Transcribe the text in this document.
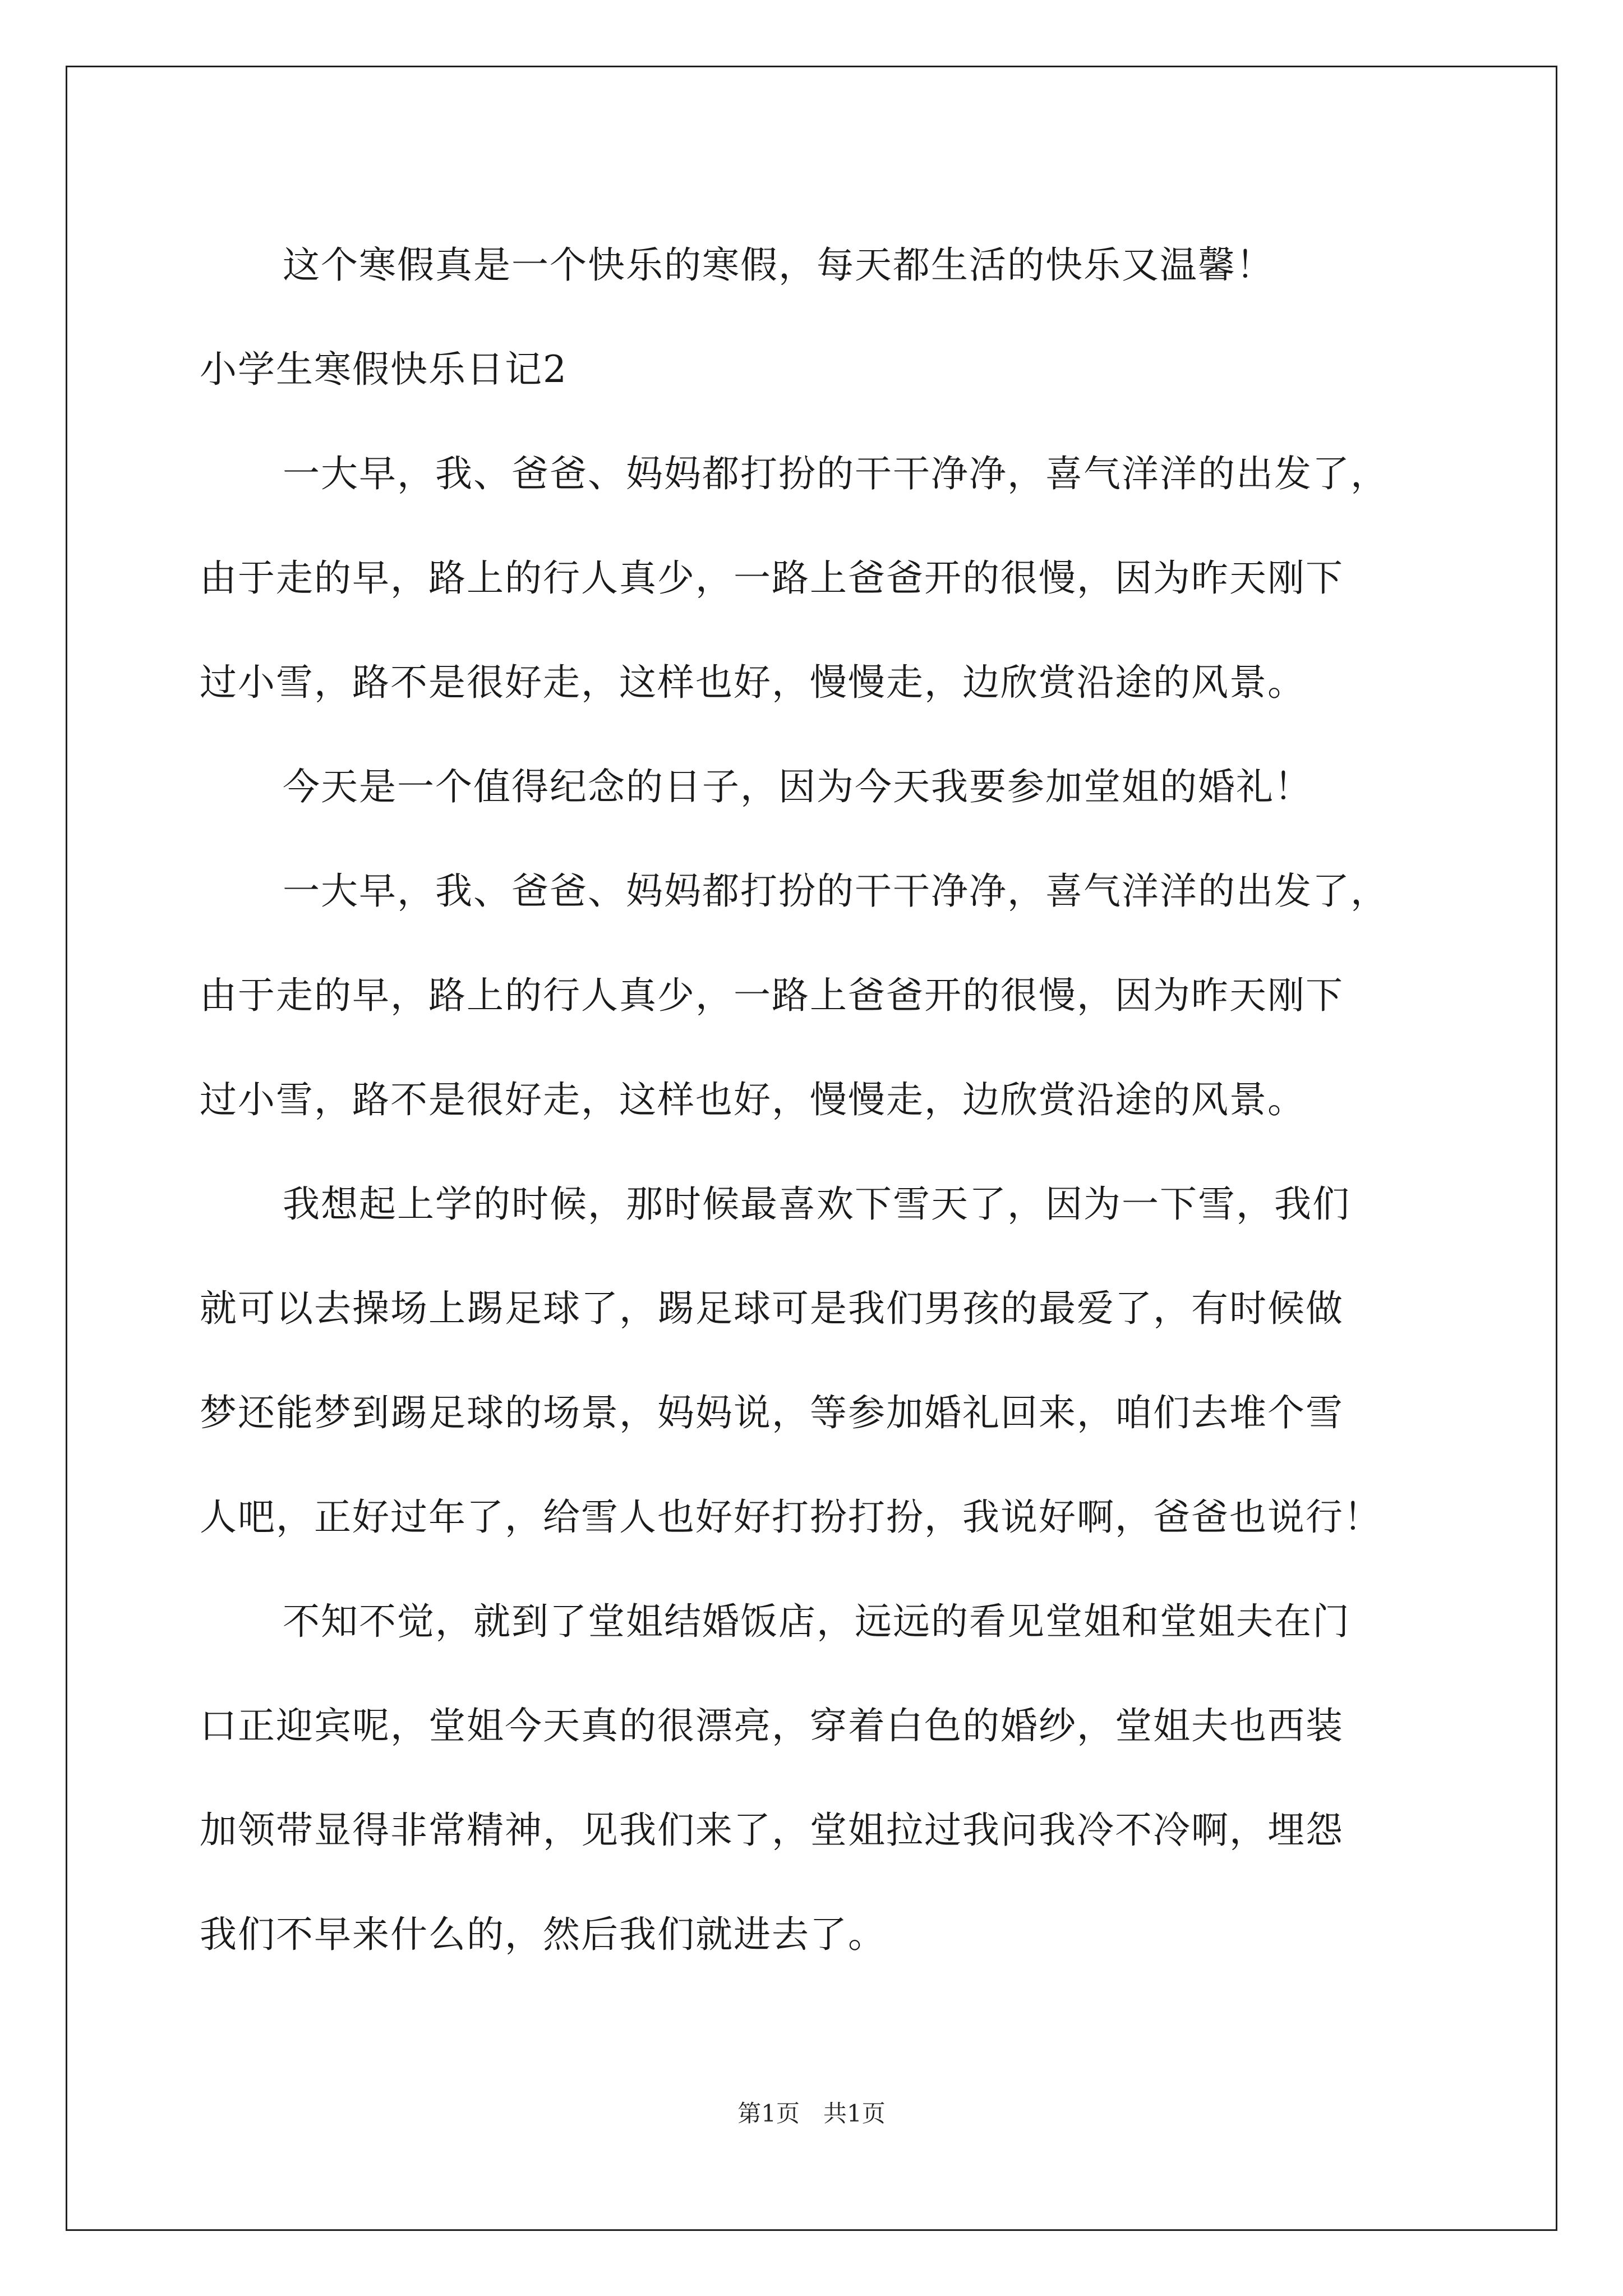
这个寒假真是一个快乐的寒假，每天都生活的快乐又温馨！

小学生寒假快乐日记2

一大早，我、爸爸、妈妈都打扮的干干净净，喜气洋洋的出发了，

由于走的早，路上的行人真少，一路上爸爸开的很慢，因为昨天刚下

过小雪，路不是很好走，这样也好，慢慢走，边欣赏沿途的风景。

今天是一个值得纪念的日子，因为今天我要参加堂姐的婚礼！

一大早，我、爸爸、妈妈都打扮的干干净净，喜气洋洋的出发了，

由于走的早，路上的行人真少，一路上爸爸开的很慢，因为昨天刚下

过小雪，路不是很好走，这样也好，慢慢走，边欣赏沿途的风景。

我想起上学的时候，那时候最喜欢下雪天了，因为一下雪，我们

就可以去操场上踢足球了，踢足球可是我们男孩的最爱了，有时候做

梦还能梦到踢足球的场景，妈妈说，等参加婚礼回来，咱们去堆个雪

人吧，正好过年了，给雪人也好好打扮打扮，我说好啊，爸爸也说行！

不知不觉，就到了堂姐结婚饭店，远远的看见堂姐和堂姐夫在门

口正迎宾呢，堂姐今天真的很漂亮，穿着白色的婚纱，堂姐夫也西装

加领带显得非常精神，见我们来了，堂姐拉过我问我冷不冷啊，埋怨

我们不早来什么的，然后我们就进去了。

第1页　共1页
